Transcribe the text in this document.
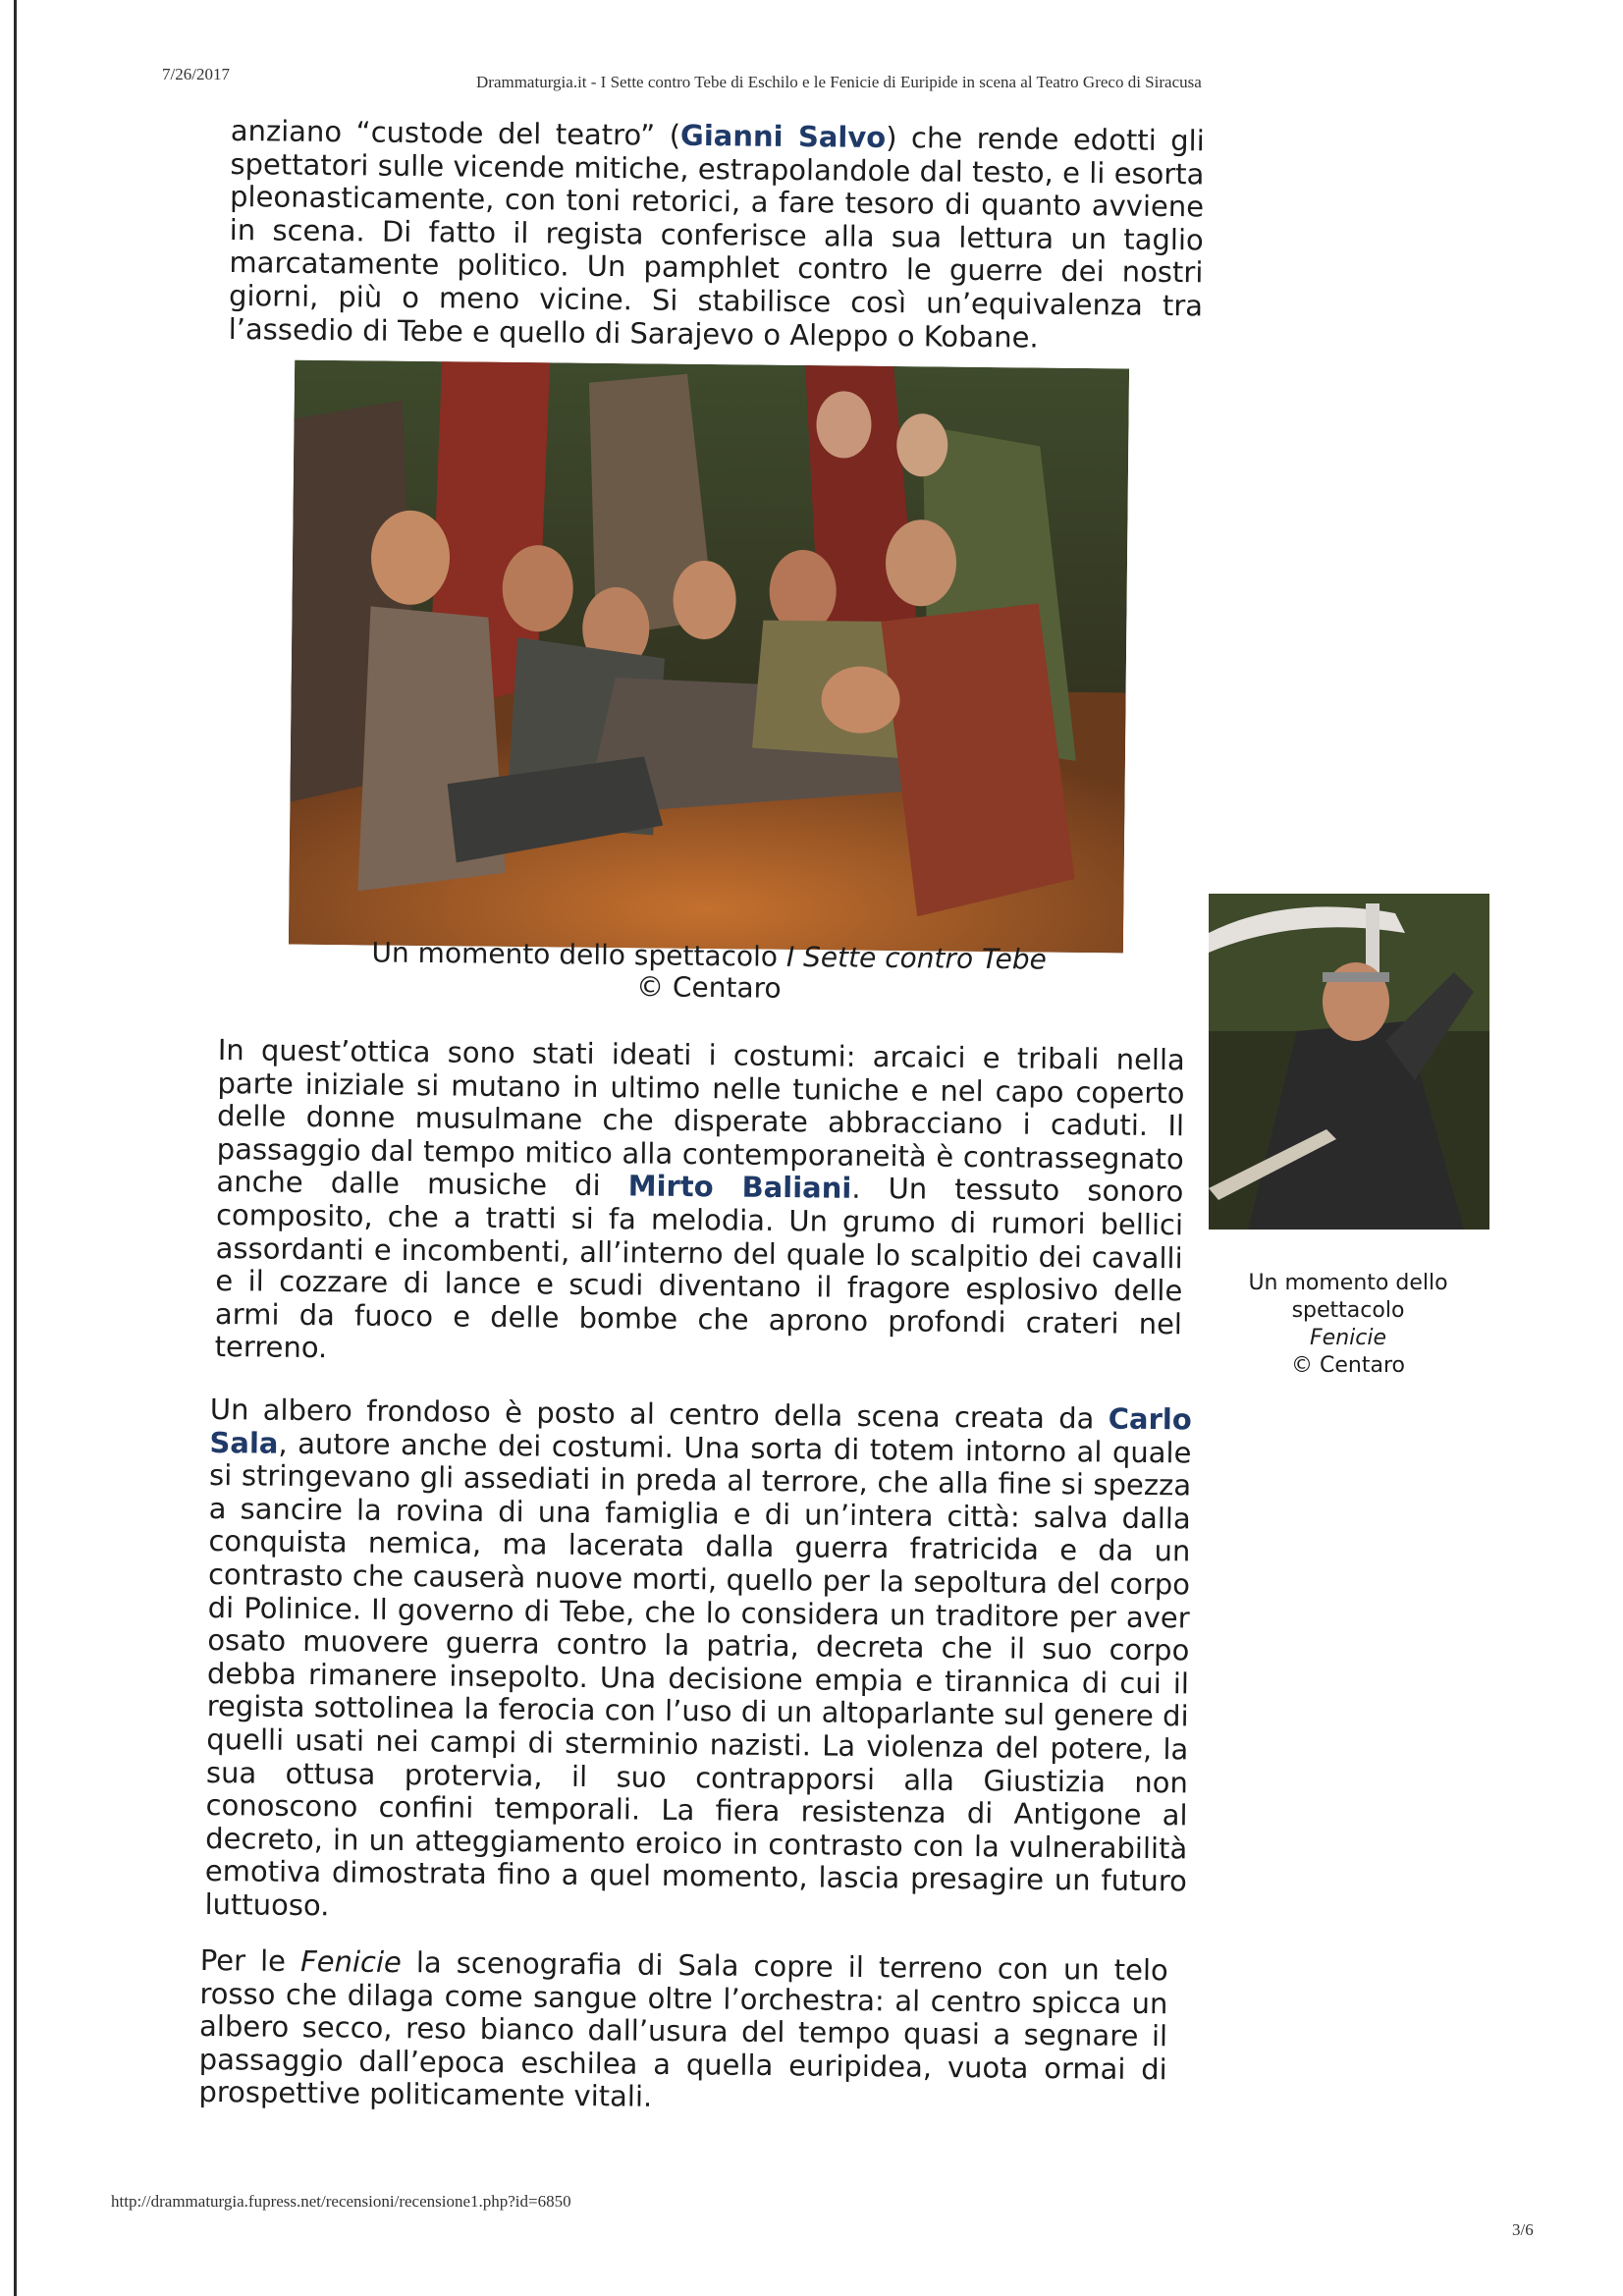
7/26/2017	Drammaturgia.it - I Sette contro Tebe di Eschilo e le Fenicie di Euripide in scena al Teatro Greco di Siracusa

anziano “custode del teatro” (Gianni Salvo) che rende edotti gli spettatori sulle vicende mitiche, estrapolandole dal testo, e li esorta pleonasticamente, con toni retorici, a fare tesoro di quanto avviene in scena. Di fatto il regista conferisce alla sua lettura un taglio marcatamente politico. Un pamphlet contro le guerre dei nostri giorni, più o meno vicine. Si stabilisce così un’equivalenza tra l’assedio di Tebe e quello di Sarajevo o Aleppo o Kobane.

Un momento dello spettacolo I Sette contro Tebe
© Centaro
Un momento dello
spettacolo
Fenicie
© Centaro

In quest’ottica sono stati ideati i costumi: arcaici e tribali nella parte iniziale si mutano in ultimo nelle tuniche e nel capo coperto delle donne musulmane che disperate abbracciano i caduti. Il passaggio dal tempo mitico alla contemporaneità è contrassegnato anche dalle musiche di Mirto Baliani. Un tessuto sonoro composito, che a tratti si fa melodia. Un grumo di rumori bellici assordanti e incombenti, all’interno del quale lo scalpitio dei cavalli e il cozzare di lance e scudi diventano il fragore esplosivo delle armi da fuoco e delle bombe che aprono profondi crateri nel terreno.

Un albero frondoso è posto al centro della scena creata da Carlo Sala, autore anche dei costumi. Una sorta di totem intorno al quale si stringevano gli assediati in preda al terrore, che alla fine si spezza a sancire la rovina di una famiglia e di un’intera città: salva dalla conquista nemica, ma lacerata dalla guerra fratricida e da un contrasto che causerà nuove morti, quello per la sepoltura del corpo di Polinice. Il governo di Tebe, che lo considera un traditore per aver osato muovere guerra contro la patria, decreta che il suo corpo debba rimanere insepolto. Una decisione empia e tirannica di cui il regista sottolinea la ferocia con l’uso di un altoparlante sul genere di quelli usati nei campi di sterminio nazisti. La violenza del potere, la sua ottusa protervia, il suo contrapporsi alla Giustizia non conoscono confini temporali. La fiera resistenza di Antigone al decreto, in un atteggiamento eroico in contrasto con la vulnerabilità emotiva dimostrata fino a quel momento, lascia presagire un futuro luttuoso.

Per le Fenicie la scenografia di Sala copre il terreno con un telo rosso che dilaga come sangue oltre l’orchestra: al centro spicca un albero secco, reso bianco dall’usura del tempo quasi a segnare il passaggio dall’epoca eschilea a quella euripidea, vuota ormai di prospettive politicamente vitali.

http://drammaturgia.fupress.net/recensioni/recensione1.php?id=6850
3/6
